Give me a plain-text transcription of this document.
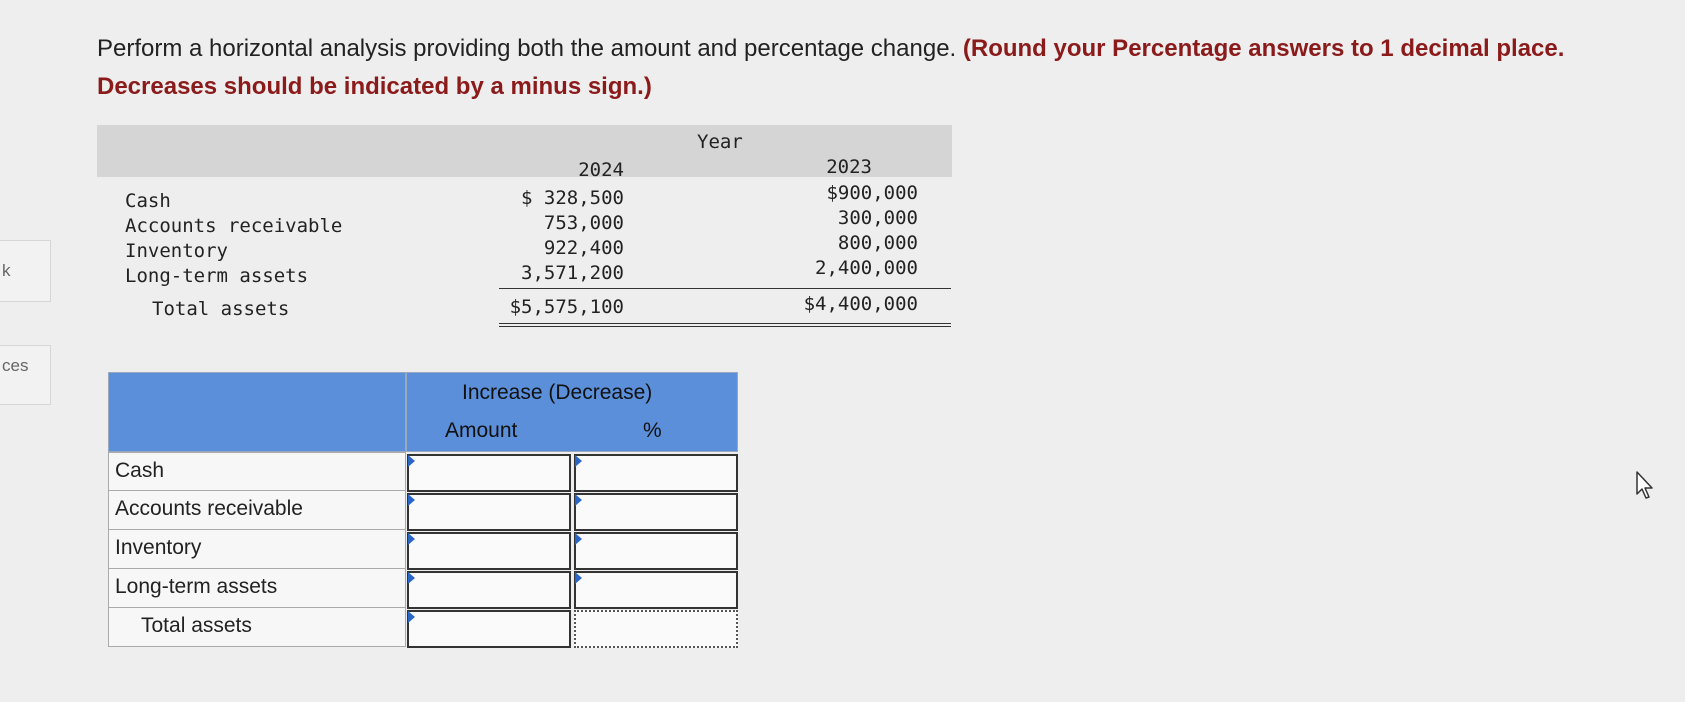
k
ces
Perform a horizontal analysis providing both the amount and percentage change. (Round your Percentage answers to 1 decimal place. Decreases should be indicated by a minus sign.)
Year
2024	2023
Cash	$ 328,500	$900,000
Accounts receivable	753,000	300,000
Inventory	922,400	800,000
Long-term assets	3,571,200	2,400,000
Total assets	$5,575,100	$4,400,000
Increase (Decrease)
Amount	%
Cash
Accounts receivable
Inventory
Long-term assets
Total assets
